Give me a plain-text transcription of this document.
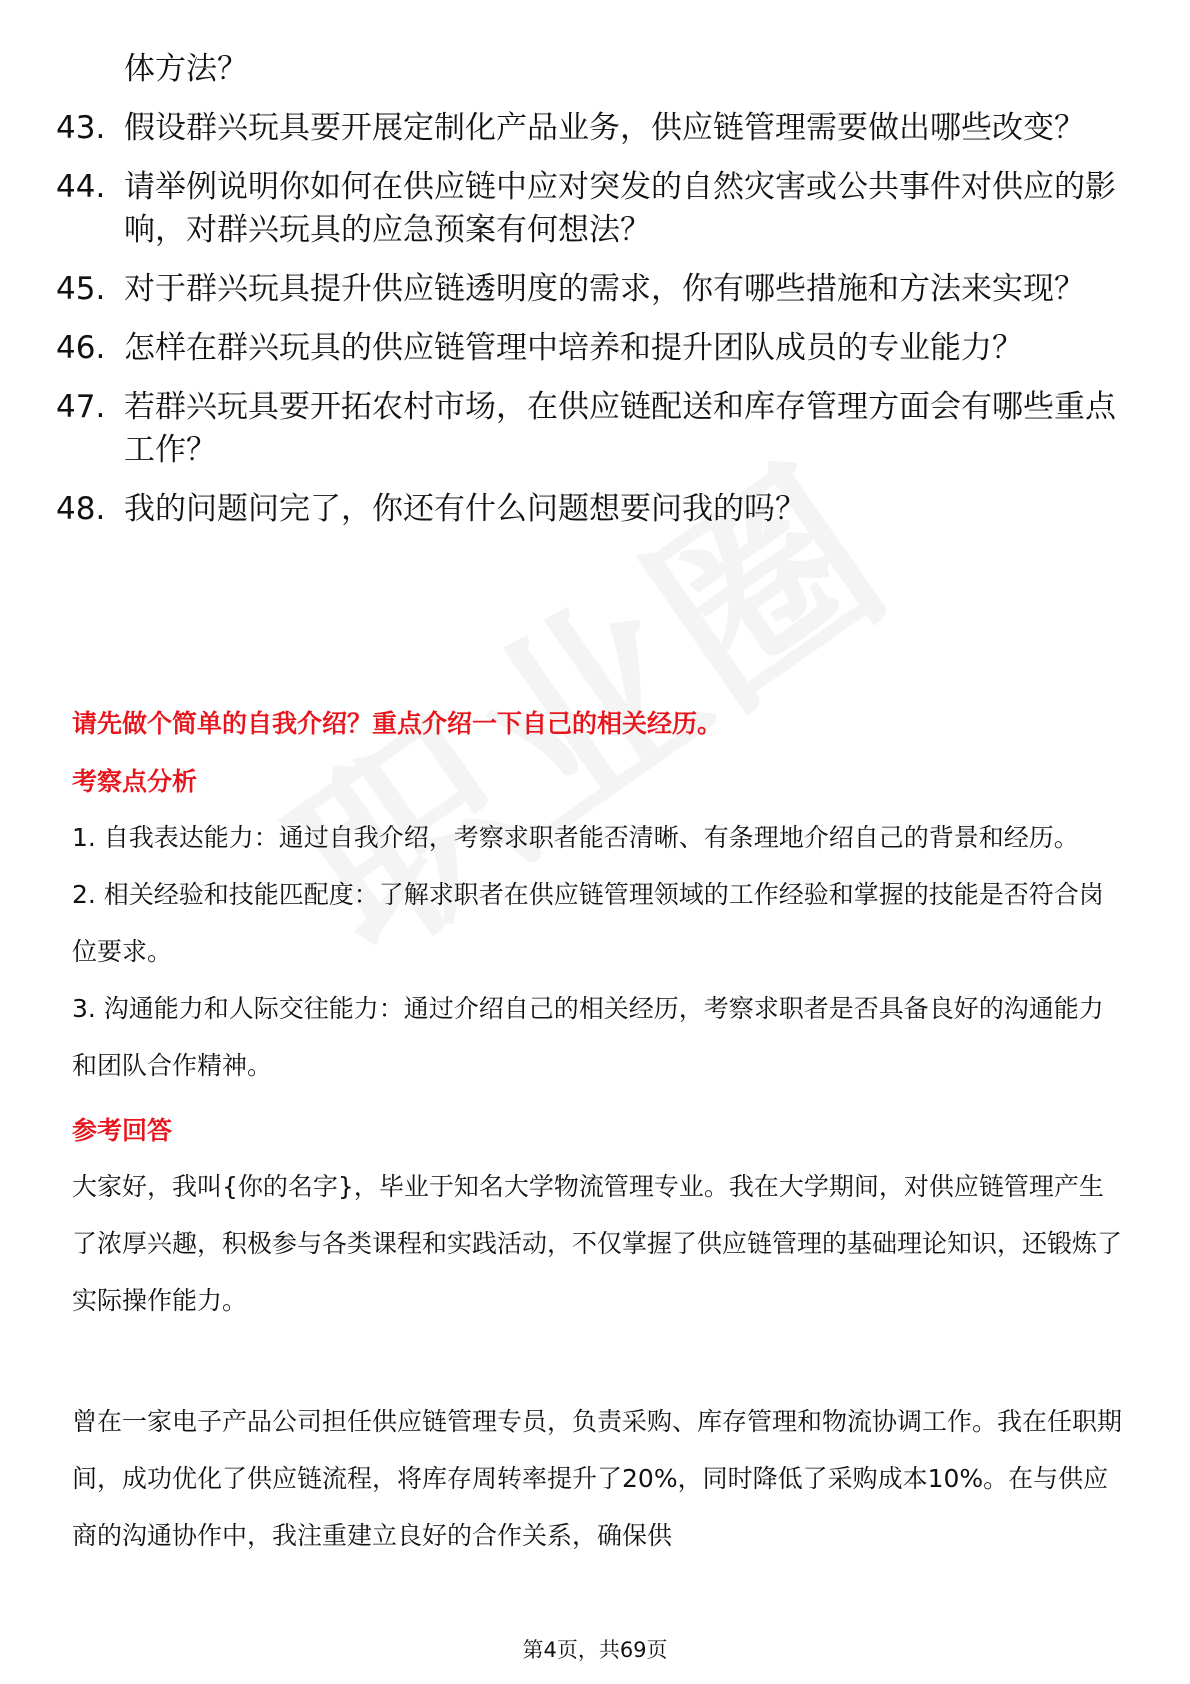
体方法？
43. 假设群兴玩具要开展定制化产品业务，供应链管理需要做出哪些改变？
44. 请举例说明你如何在供应链中应对突发的自然灾害或公共事件对供应的影响，对群兴玩具的应急预案有何想法？
45. 对于群兴玩具提升供应链透明度的需求，你有哪些措施和方法来实现？
46. 怎样在群兴玩具的供应链管理中培养和提升团队成员的专业能力？
47. 若群兴玩具要开拓农村市场，在供应链配送和库存管理方面会有哪些重点工作？
48. 我的问题问完了，你还有什么问题想要问我的吗？

请先做个简单的自我介绍？重点介绍一下自己的相关经历。

考察点分析

1. 自我表达能力：通过自我介绍，考察求职者能否清晰、有条理地介绍自己的背景和经历。

2. 相关经验和技能匹配度：了解求职者在供应链管理领域的工作经验和掌握的技能是否符合岗位要求。

3. 沟通能力和人际交往能力：通过介绍自己的相关经历，考察求职者是否具备良好的沟通能力和团队合作精神。

参考回答

大家好，我叫{你的名字}，毕业于知名大学物流管理专业。我在大学期间，对供应链管理产生了浓厚兴趣，积极参与各类课程和实践活动，不仅掌握了供应链管理的基础理论知识，还锻炼了实际操作能力。

曾在一家电子产品公司担任供应链管理专员，负责采购、库存管理和物流协调工作。我在任职期间，成功优化了供应链流程，将库存周转率提升了20%，同时降低了采购成本10%。在与供应商的沟通协作中，我注重建立良好的合作关系，确保供

第4页，共69页
